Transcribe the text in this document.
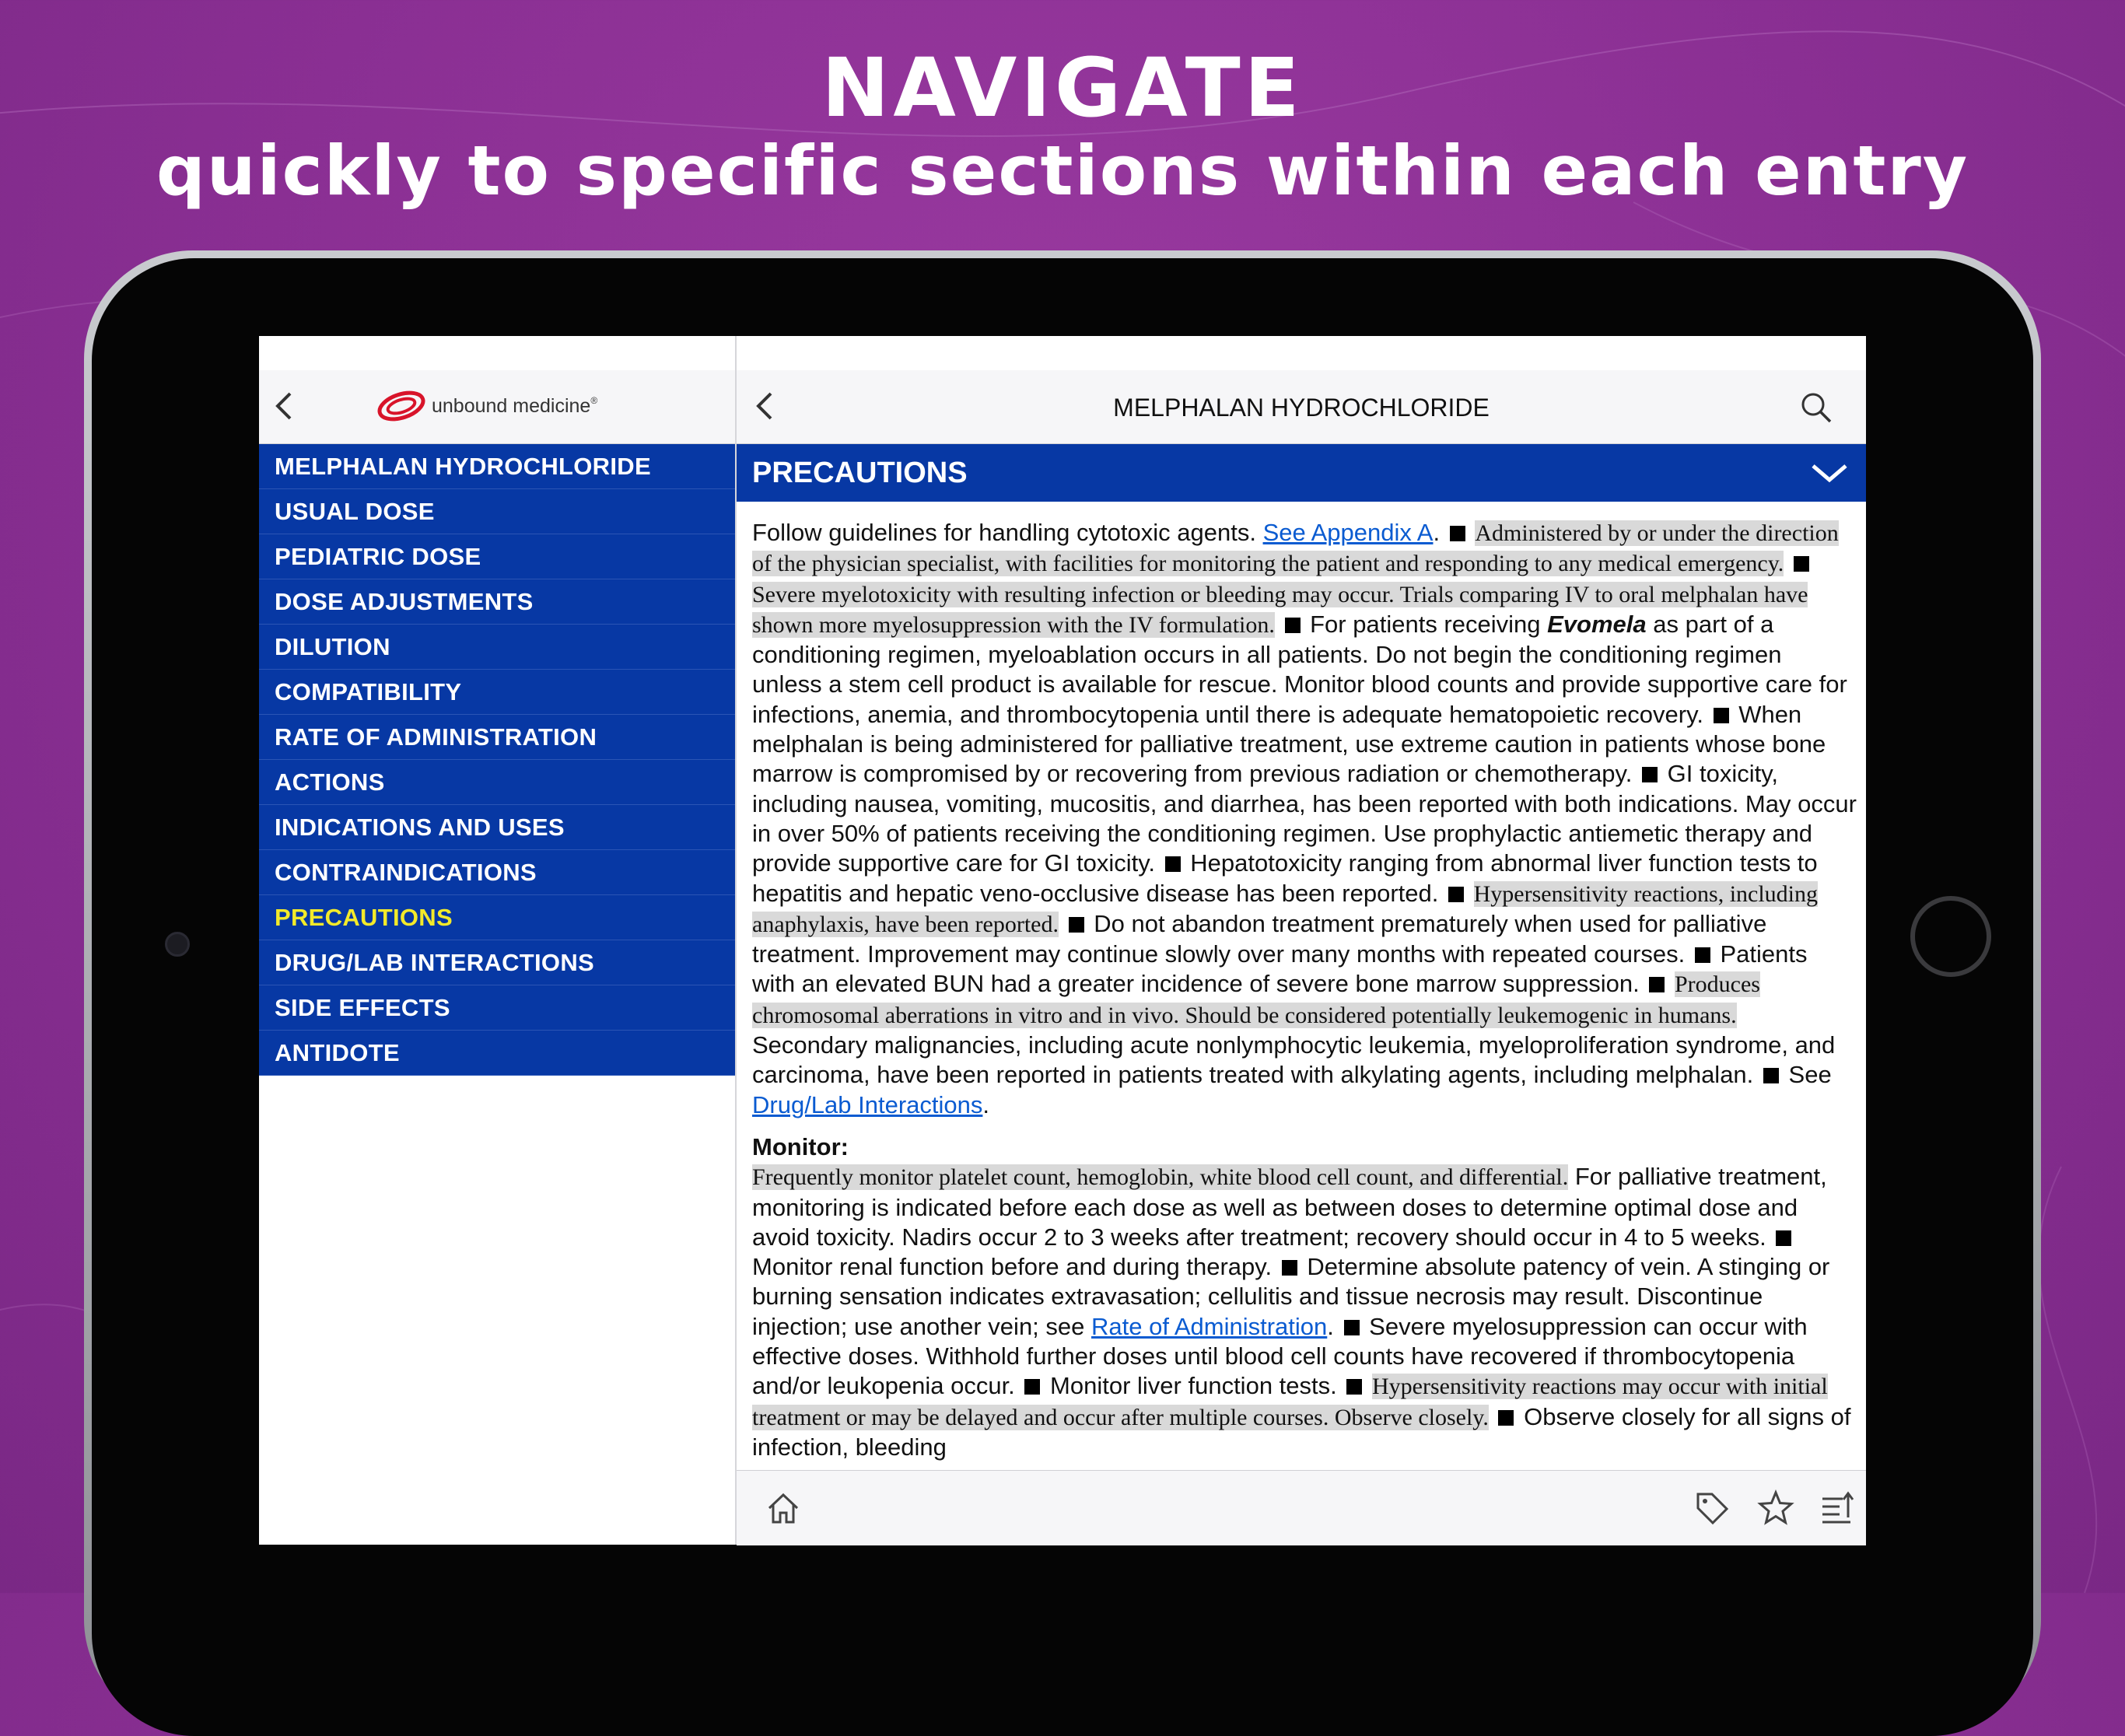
NAVIGATE
quickly to specific sections within each entry
unbound medicine®
MELPHALAN HYDROCHLORIDE
USUAL DOSE
PEDIATRIC DOSE
DOSE ADJUSTMENTS
DILUTION
COMPATIBILITY
RATE OF ADMINISTRATION
ACTIONS
INDICATIONS AND USES
CONTRAINDICATIONS
PRECAUTIONS
DRUG/LAB INTERACTIONS
SIDE EFFECTS
ANTIDOTE
MELPHALAN HYDROCHLORIDE
PRECAUTIONS

Follow guidelines for handling cytotoxic agents. See Appendix A. Administered by or under the direction of the physician specialist, with facilities for monitoring the patient and responding to any medical emergency.  Severe myelotoxicity with resulting infection or bleeding may occur. Trials comparing IV to oral melphalan have shown more myelosuppression with the IV formulation. For patients receiving Evomela as part of a conditioning regimen, myeloablation occurs in all patients. Do not begin the conditioning regimen unless a stem cell product is available for rescue. Monitor blood counts and provide supportive care for infections, anemia, and thrombocytopenia until there is adequate hematopoietic recovery. When melphalan is being administered for palliative treatment, use extreme caution in patients whose bone marrow is compromised by or recovering from previous radiation or chemotherapy. GI toxicity, including nausea, vomiting, mucositis, and diarrhea, has been reported with both indications. May occur in over 50% of patients receiving the conditioning regimen. Use prophylactic antiemetic therapy and provide supportive care for GI toxicity. Hepatotoxicity ranging from abnormal liver function tests to hepatitis and hepatic veno-occlusive disease has been reported. Hypersensitivity reactions, including anaphylaxis, have been reported. Do not abandon treatment prematurely when used for palliative treatment. Improvement may continue slowly over many months with repeated courses. Patients with an elevated BUN had a greater incidence of severe bone marrow suppression. Produces chromosomal aberrations in vitro and in vivo. Should be considered potentially leukemogenic in humans. Secondary malignancies, including acute nonlymphocytic leukemia, myeloproliferation syndrome, and carcinoma, have been reported in patients treated with alkylating agents, including melphalan. See Drug/Lab Interactions.

Monitor:

Frequently monitor platelet count, hemoglobin, white blood cell count, and differential. For palliative treatment, monitoring is indicated before each dose as well as between doses to determine optimal dose and avoid toxicity. Nadirs occur 2 to 3 weeks after treatment; recovery should occur in 4 to 5 weeks.  Monitor renal function before and during therapy. Determine absolute patency of vein. A stinging or burning sensation indicates extravasation; cellulitis and tissue necrosis may result. Discontinue injection; use another vein; see Rate of Administration. Severe myelosuppression can occur with effective doses. Withhold further doses until blood cell counts have recovered if thrombocytopenia and/or leukopenia occur. Monitor liver function tests. Hypersensitivity reactions may occur with initial treatment or may be delayed and occur after multiple courses. Observe closely. Observe closely for all signs of infection, bleeding
